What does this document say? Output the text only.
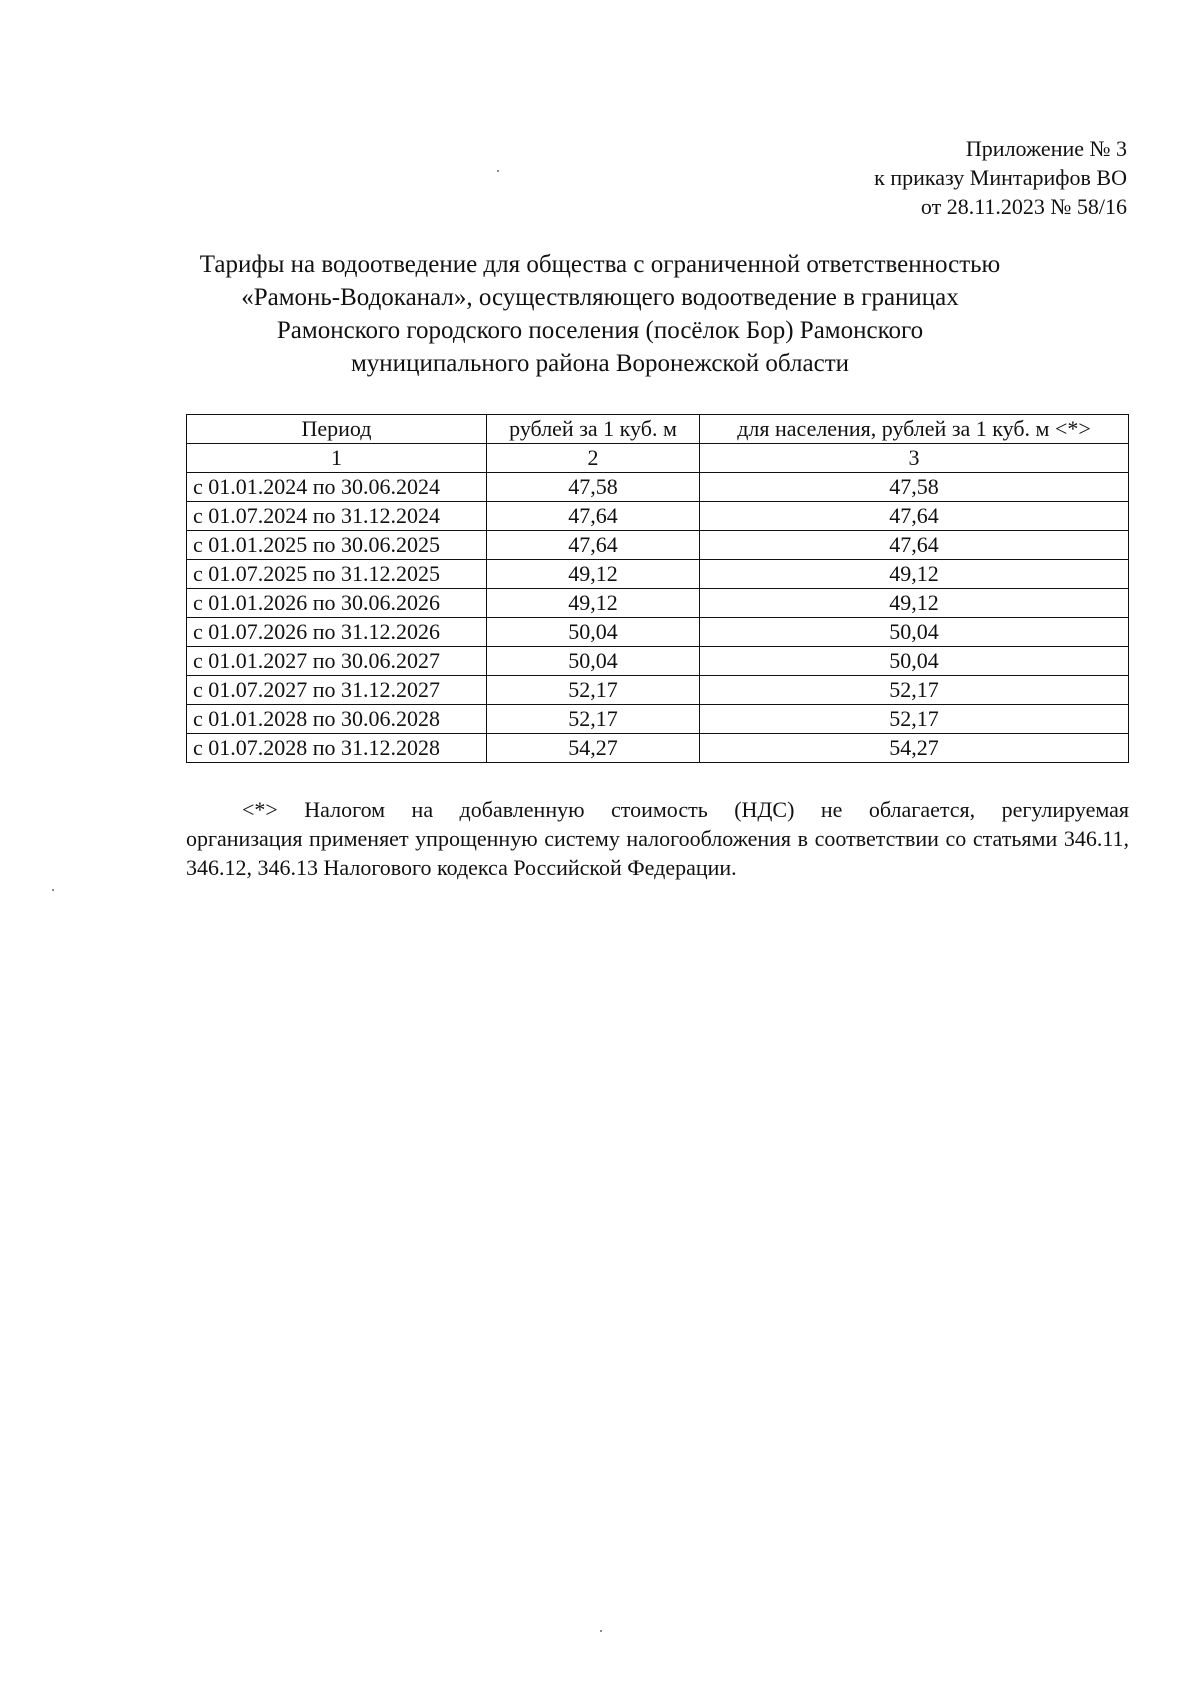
Приложение № 3
к приказу Минтарифов ВО
от 28.11.2023 № 58/16
Тарифы на водоотведение для общества с ограниченной ответственностью
«Рамонь-Водоканал», осуществляющего водоотведение в границах
Рамонского городского поселения (посёлок Бор) Рамонского
муниципального района Воронежской области
Период	рублей за 1 куб. м	для населения, рублей за 1 куб. м <*>
1	2	3
с 01.01.2024 по 30.06.2024	47,58	47,58
с 01.07.2024 по 31.12.2024	47,64	47,64
с 01.01.2025 по 30.06.2025	47,64	47,64
с 01.07.2025 по 31.12.2025	49,12	49,12
с 01.01.2026 по 30.06.2026	49,12	49,12
с 01.07.2026 по 31.12.2026	50,04	50,04
с 01.01.2027 по 30.06.2027	50,04	50,04
с 01.07.2027 по 31.12.2027	52,17	52,17
с 01.01.2028 по 30.06.2028	52,17	52,17
с 01.07.2028 по 31.12.2028	54,27	54,27
<*> Налогом на добавленную стоимость (НДС) не облагается, регулируемая
организация применяет упрощенную систему налогообложения в соответствии со статьями 346.11, 346.12, 346.13 Налогового кодекса Российской Федерации.
